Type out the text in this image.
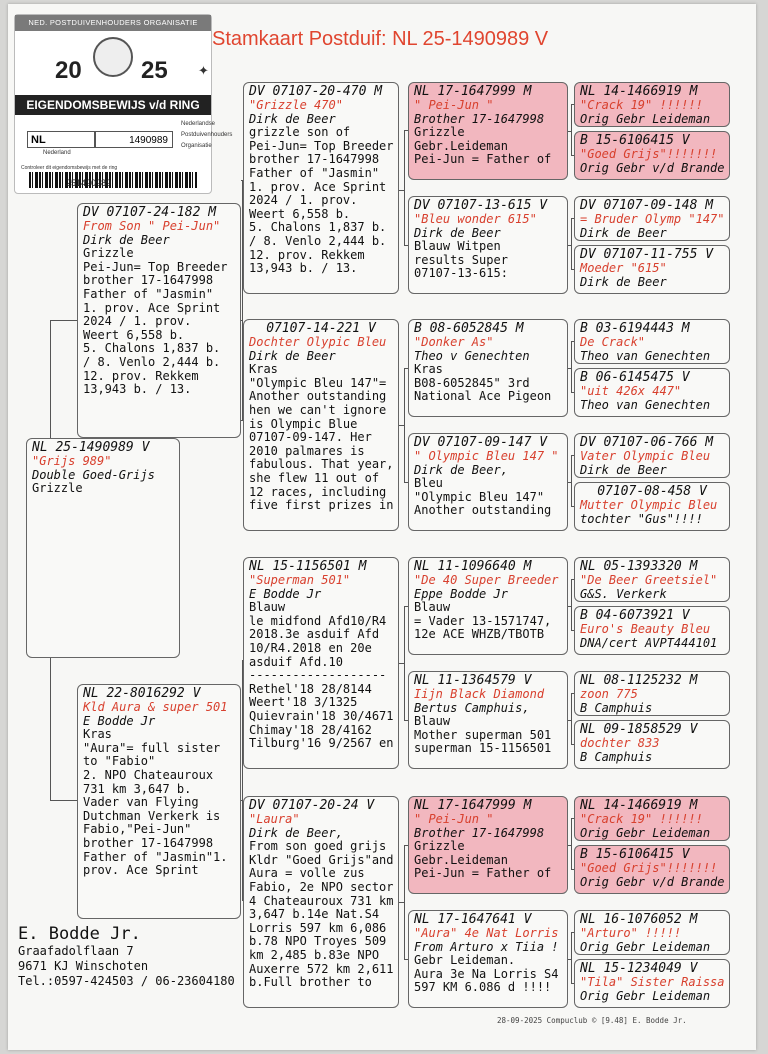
Stamkaart Postduif: NL 25-1490989 V
NED. POSTDUIVENHOUDERS ORGANISATIE
20 25 ✦
EIGENDOMSBEWIJS v/d RING
NL	1490989
Nederland
Nederlandse
Postduivenhouders
Organisatie
Controleer dit eigendomsbewijs met de ring
251490989
NL 25-1490989 V
"Grijs 989"
Double Goed-Grijs
Grizzle
DV 07107-24-182 M
From Son " Pei-Jun"
Dirk de Beer
Grizzle
Pei-Jun= Top Breeder
brother 17-1647998
Father of "Jasmin"
1. prov. Ace Sprint
2024 / 1. prov.
Weert 6,558 b.
5. Chalons 1,837 b.
/ 8. Venlo 2,444 b.
12. prov. Rekkem
13,943 b. / 13.
NL 22-8016292 V
Kld Aura & super 501
E Bodde Jr
Kras
"Aura"= full sister
to "Fabio"
2. NPO Chateauroux
731 km 3,647 b.
Vader van Flying
Dutchman Verkerk is
Fabio,"Pei-Jun"
brother 17-1647998
Father of "Jasmin"1.
prov. Ace Sprint
DV 07107-20-470 M
"Grizzle 470"
Dirk de Beer
grizzle son of
Pei-Jun= Top Breeder
brother 17-1647998
Father of "Jasmin"
1. prov. Ace Sprint
2024 / 1. prov.
Weert 6,558 b.
5. Chalons 1,837 b.
/ 8. Venlo 2,444 b.
12. prov. Rekkem
13,943 b. / 13.
07107-14-221 V
Dochter Olypic Bleu
Dirk de Beer
Kras
"Olympic Bleu 147"=
Another outstanding
hen we can't ignore
is Olympic Blue
07107-09-147. Her
2010 palmares is
fabulous. That year,
she flew 11 out of
12 races, including
five first prizes in
NL 15-1156501 M
"Superman 501"
E Bodde Jr
Blauw
le midfond Afd10/R4
2018.3e asduif Afd
10/R4.2018 en 20e
asduif Afd.10
-------------------
Rethel'18 28/8144
Weert'18 3/1325
Quievrain'18 30/4671
Chimay'18 28/4162
Tilburg'16 9/2567 en
DV 07107-20-24 V
"Laura"
Dirk de Beer,
From son goed grijs
Kldr "Goed Grijs"and
Aura = volle zus
Fabio, 2e NPO sector
4 Chateauroux 731 km
3,647 b.14e Nat.S4
Lorris 597 km 6,086
b.78 NPO Troyes 509
km 2,485 b.83e NPO
Auxerre 572 km 2,611
b.Full brother to
NL 17-1647999 M
" Pei-Jun "
Brother 17-1647998
Grizzle
Gebr.Leideman
Pei-Jun = Father of
DV 07107-13-615 V
"Bleu wonder 615"
Dirk de Beer
Blauw Witpen
results Super
07107-13-615:
B 08-6052845 M
"Donker As"
Theo v Genechten
Kras
B08-6052845" 3rd
National Ace Pigeon
DV 07107-09-147 V
" Olympic Bleu 147 "
Dirk de Beer,
Bleu
"Olympic Bleu 147"
Another outstanding
NL 11-1096640 M
"De 40 Super Breeder
Eppe Bodde Jr
Blauw
= Vader 13-1571747,
12e ACE WHZB/TBOTB
NL 11-1364579 V
Iijn Black Diamond
Bertus Camphuis,
Blauw
Mother superman 501
superman 15-1156501
NL 17-1647999 M
" Pei-Jun "
Brother 17-1647998
Grizzle
Gebr.Leideman
Pei-Jun = Father of
NL 17-1647641 V
"Aura" 4e Nat Lorris
From Arturo x Tiia !
Gebr Leideman.
Aura 3e Na Lorris S4
597 KM 6.086 d !!!!
NL 14-1466919 M
"Crack 19" !!!!!!
Orig Gebr Leideman
B 15-6106415 V
"Goed Grijs"!!!!!!!
Orig Gebr v/d Brande
DV 07107-09-148 M
= Bruder Olymp "147"
Dirk de Beer
DV 07107-11-755 V
Moeder "615"
Dirk de Beer
B 03-6194443 M
De Crack"
Theo van Genechten
B 06-6145475 V
"uit 426x 447"
Theo van Genechten
DV 07107-06-766 M
Vater Olympic Bleu
Dirk de Beer
07107-08-458 V
Mutter Olympic Bleu
tochter "Gus"!!!!
NL 05-1393320 M
"De Beer Greetsiel"
G&S. Verkerk
B 04-6073921 V
Euro's Beauty Bleu
DNA/cert AVPT444101
NL 08-1125232 M
zoon 775
B Camphuis
NL 09-1858529 V
dochter 833
B Camphuis
NL 14-1466919 M
"Crack 19" !!!!!!
Orig Gebr Leideman
B 15-6106415 V
"Goed Grijs"!!!!!!!
Orig Gebr v/d Brande
NL 16-1076052 M
"Arturo" !!!!!
Orig Gebr Leideman
NL 15-1234049 V
"Tila" Sister Raissa
Orig Gebr Leideman
E. Bodde Jr.
Graafadolflaan 7
9671 KJ Winschoten
Tel.:0597-424503 / 06-23604180
28-09-2025 Compuclub © [9.48] E. Bodde Jr.
